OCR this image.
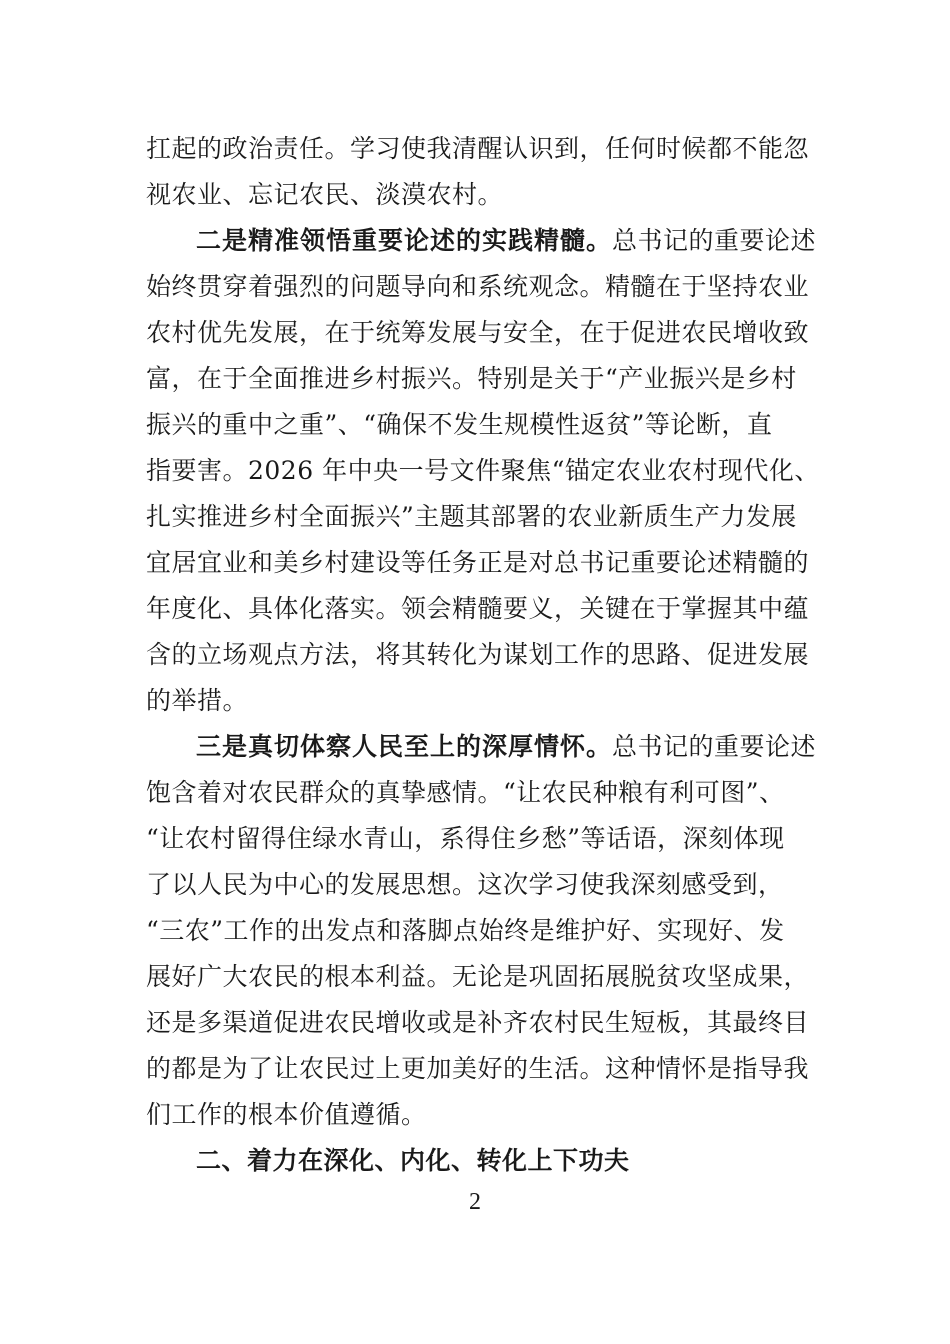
扛起的政治责任。学习使我清醒认识到，任何时候都不能忽
视农业、忘记农民、淡漠农村。
二是精准领悟重要论述的实践精髓。总书记的重要论述
始终贯穿着强烈的问题导向和系统观念。精髓在于坚持农业
农村优先发展，在于统筹发展与安全，在于促进农民增收致
富，在于全面推进乡村振兴。特别是关于“产业振兴是乡村
振兴的重中之重”、“确保不发生规模性返贫”等论断，直
指要害。2026 年中央一号文件聚焦“锚定农业农村现代化、
扎实推进乡村全面振兴”主题其部署的农业新质生产力发展
宜居宜业和美乡村建设等任务正是对总书记重要论述精髓的
年度化、具体化落实。领会精髓要义，关键在于掌握其中蕴
含的立场观点方法，将其转化为谋划工作的思路、促进发展
的举措。
三是真切体察人民至上的深厚情怀。总书记的重要论述
饱含着对农民群众的真挚感情。“让农民种粮有利可图”、
“让农村留得住绿水青山，系得住乡愁”等话语，深刻体现
了以人民为中心的发展思想。这次学习使我深刻感受到，
“三农”工作的出发点和落脚点始终是维护好、实现好、发
展好广大农民的根本利益。无论是巩固拓展脱贫攻坚成果，
还是多渠道促进农民增收或是补齐农村民生短板，其最终目
的都是为了让农民过上更加美好的生活。这种情怀是指导我
们工作的根本价值遵循。
二、着力在深化、内化、转化上下功夫
2
